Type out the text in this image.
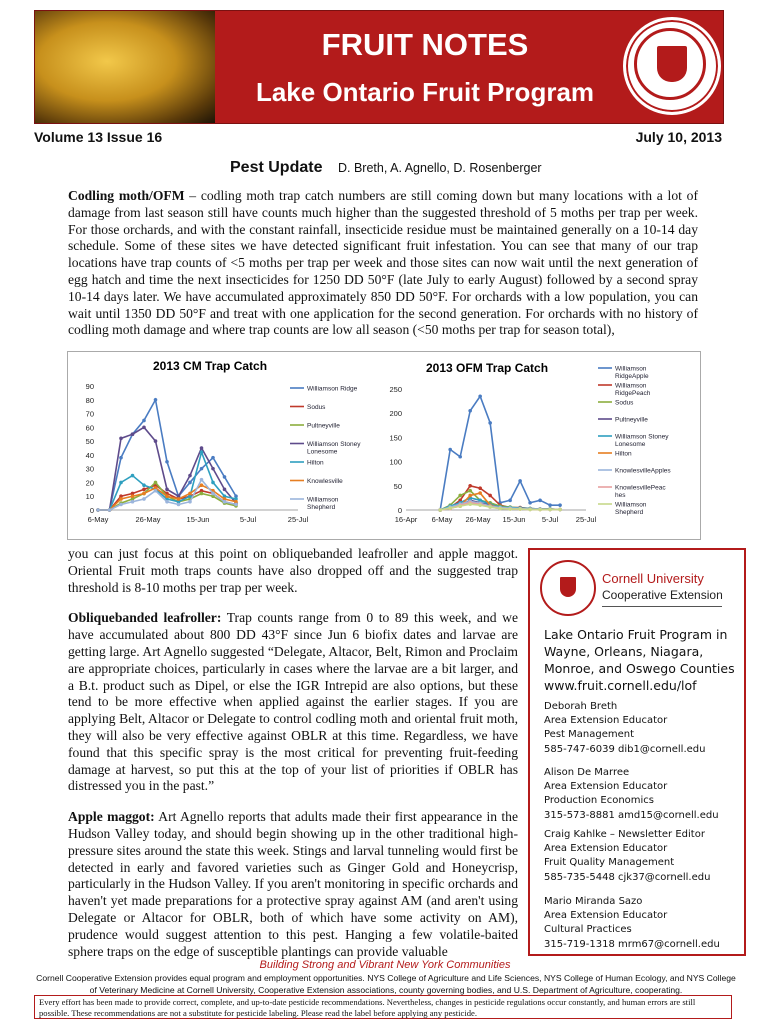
FRUIT NOTES
Lake Ontario Fruit Program
Volume 13 Issue 16	July 10, 2013
Pest Update D. Breth, A. Agnello, D. Rosenberger
Codling moth/OFM – codling moth trap catch numbers are still coming down but many locations with a lot of damage from last season still have counts much higher than the suggested threshold of 5 moths per trap per week. For those orchards, and with the constant rainfall, insecticide residue must be maintained generally on a 10-14 day schedule. Some of these sites we have detected significant fruit infestation. You can see that many of our trap locations have trap counts of <5 moths per trap per week and those sites can now wait until the next generation of egg hatch and time the next insecticides for 1250 DD 50°F (late July to early August) followed by a second spray 10-14 days later. We have accumulated approximately 850 DD 50°F. For orchards with a low population, you can wait until 1350 DD 50°F and treat with one application for the second generation. For orchards with no history of codling moth damage and where trap counts are low all season (<50 moths per trap for season total),
2013 CM Trap Catch	2013 OFM Trap Catch
90
80
70
60
50
40
30
20
10
0
6-May	26-May	15-Jun	5-Jul	25-Jul
Williamson Ridge
Sodus
Pultneyville
Williamson Stoney Lonesome
Hilton
Knowlesville
Williamson Shepherd
250
200
150
100
50
0
16-Apr 6-May 26-May 15-Jun 5-Jul 25-Jul
Williamson RidgeApple
Williamson RidgePeach
Sodus
Pultneyville
Williamson Stoney Lonesome
Hilton
KnowlesvilleApples
KnowlesvillePeac hes
Williamson Shepherd
you can just focus at this point on obliquebanded leafroller and apple maggot. Oriental Fruit moth traps counts have also dropped off and the suggested trap threshold is 8-10 moths per trap per week.
Obliquebanded leafroller: Trap counts range from 0 to 89 this week, and we have accumulated about 800 DD 43°F since Jun 6 biofix dates and larvae are getting large. Art Agnello suggested “Delegate, Altacor, Belt, Rimon and Proclaim are appropriate choices, particularly in cases where the larvae are a bit larger, and a B.t. product such as Dipel, or else the IGR Intrepid are also options, but these tend to be more effective when applied against the earlier stages. If you are applying Belt, Altacor or Delegate to control codling moth and oriental fruit moth, they will also be very effective against OBLR at this time. Regardless, we have found that this specific spray is the most critical for preventing fruit-feeding damage at harvest, so put this at the top of your list of priorities if OBLR has distressed you in the past.”
Apple maggot: Art Agnello reports that adults made their first appearance in the Hudson Valley today, and should begin showing up in the other traditional high-pressure sites around the state this week. Stings and larval tunneling would first be detected in early and favored varieties such as Ginger Gold and Honeycrisp, particularly in the Hudson Valley. If you aren't monitoring in specific orchards and haven't yet made preparations for a protective spray against AM (and aren't using Delegate or Altacor for OBLR, both of which have some activity on AM), prudence would suggest attention to this pest. Hanging a few volatile-baited sphere traps on the edge of susceptible plantings can provide valuable
Cornell University
Cooperative Extension
Lake Ontario Fruit Program in Wayne, Orleans, Niagara, Monroe, and Oswego Counties
www.fruit.cornell.edu/lof
Deborah Breth
Area Extension Educator
Pest Management
585-747-6039 dib1@cornell.edu
Alison De Marree
Area Extension Educator
Production Economics
315-573-8881 amd15@cornell.edu
Craig Kahlke – Newsletter Editor
Area Extension Educator
Fruit Quality Management
585-735-5448 cjk37@cornell.edu
Mario Miranda Sazo
Area Extension Educator
Cultural Practices
315-719-1318 mrm67@cornell.edu
Building Strong and Vibrant New York Communities
Cornell Cooperative Extension provides equal program and employment opportunities. NYS College of Agriculture and Life Sciences, NYS College of Human Ecology, and NYS College of Veterinary Medicine at Cornell University, Cooperative Extension associations, county governing bodies, and U.S. Department of Agriculture, cooperating.
Every effort has been made to provide correct, complete, and up-to-date pesticide recommendations. Nevertheless, changes in pesticide regulations occur constantly, and human errors are still possible. These recommendations are not a substitute for pesticide labeling. Please read the label before applying any pesticide.
